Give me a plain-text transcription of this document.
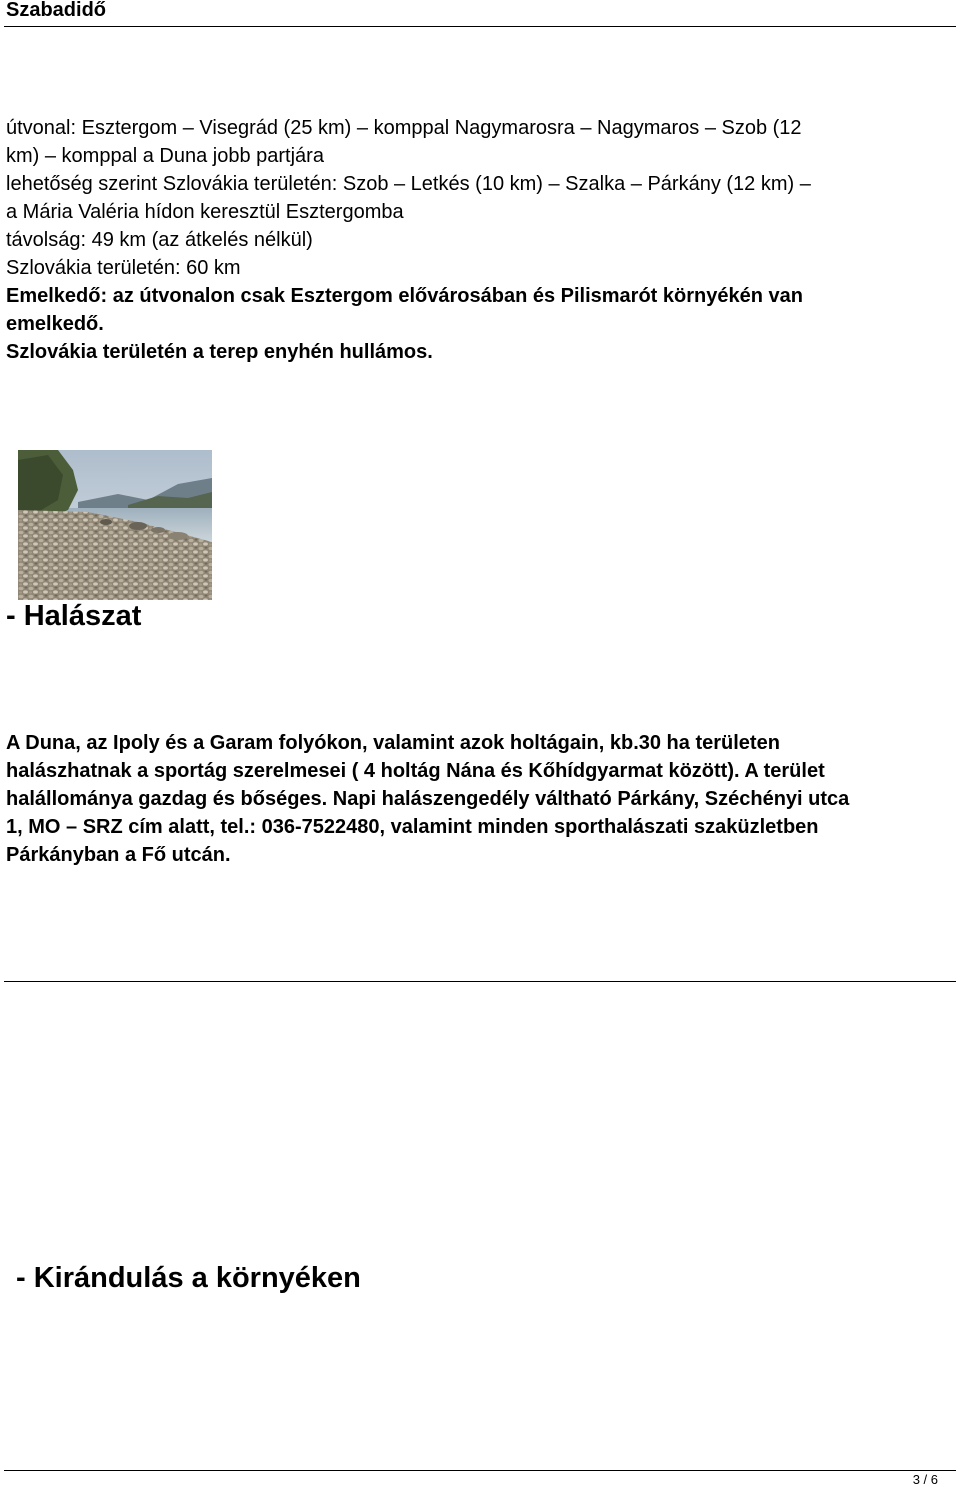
Szabadidő
útvonal: Esztergom – Visegrád (25 km) – komppal Nagymarosra – Nagymaros – Szob (12
km) – komppal a Duna jobb partjára
lehetőség szerint Szlovákia területén: Szob – Letkés (10 km) – Szalka – Párkány (12 km) –
a Mária Valéria hídon keresztül Esztergomba
távolság: 49 km (az átkelés nélkül)
Szlovákia területén: 60 km
Emelkedő: az útvonalon csak Esztergom elővárosában és Pilismarót környékén van
emelkedő.
Szlovákia területén a terep enyhén hullámos.
- Halászat
A Duna, az Ipoly és a Garam folyókon, valamint azok holtágain, kb.30 ha területen
halászhatnak a sportág szerelmesei ( 4 holtág Nána és Kőhídgyarmat között). A terület
halállománya gazdag és bőséges. Napi halászengedély váltható Párkány, Széchényi utca
1, MO – SRZ cím alatt, tel.: 036-7522480, valamint minden sporthalászati szaküzletben
Párkányban a Fő utcán.
- Kirándulás a környéken
3 / 6
